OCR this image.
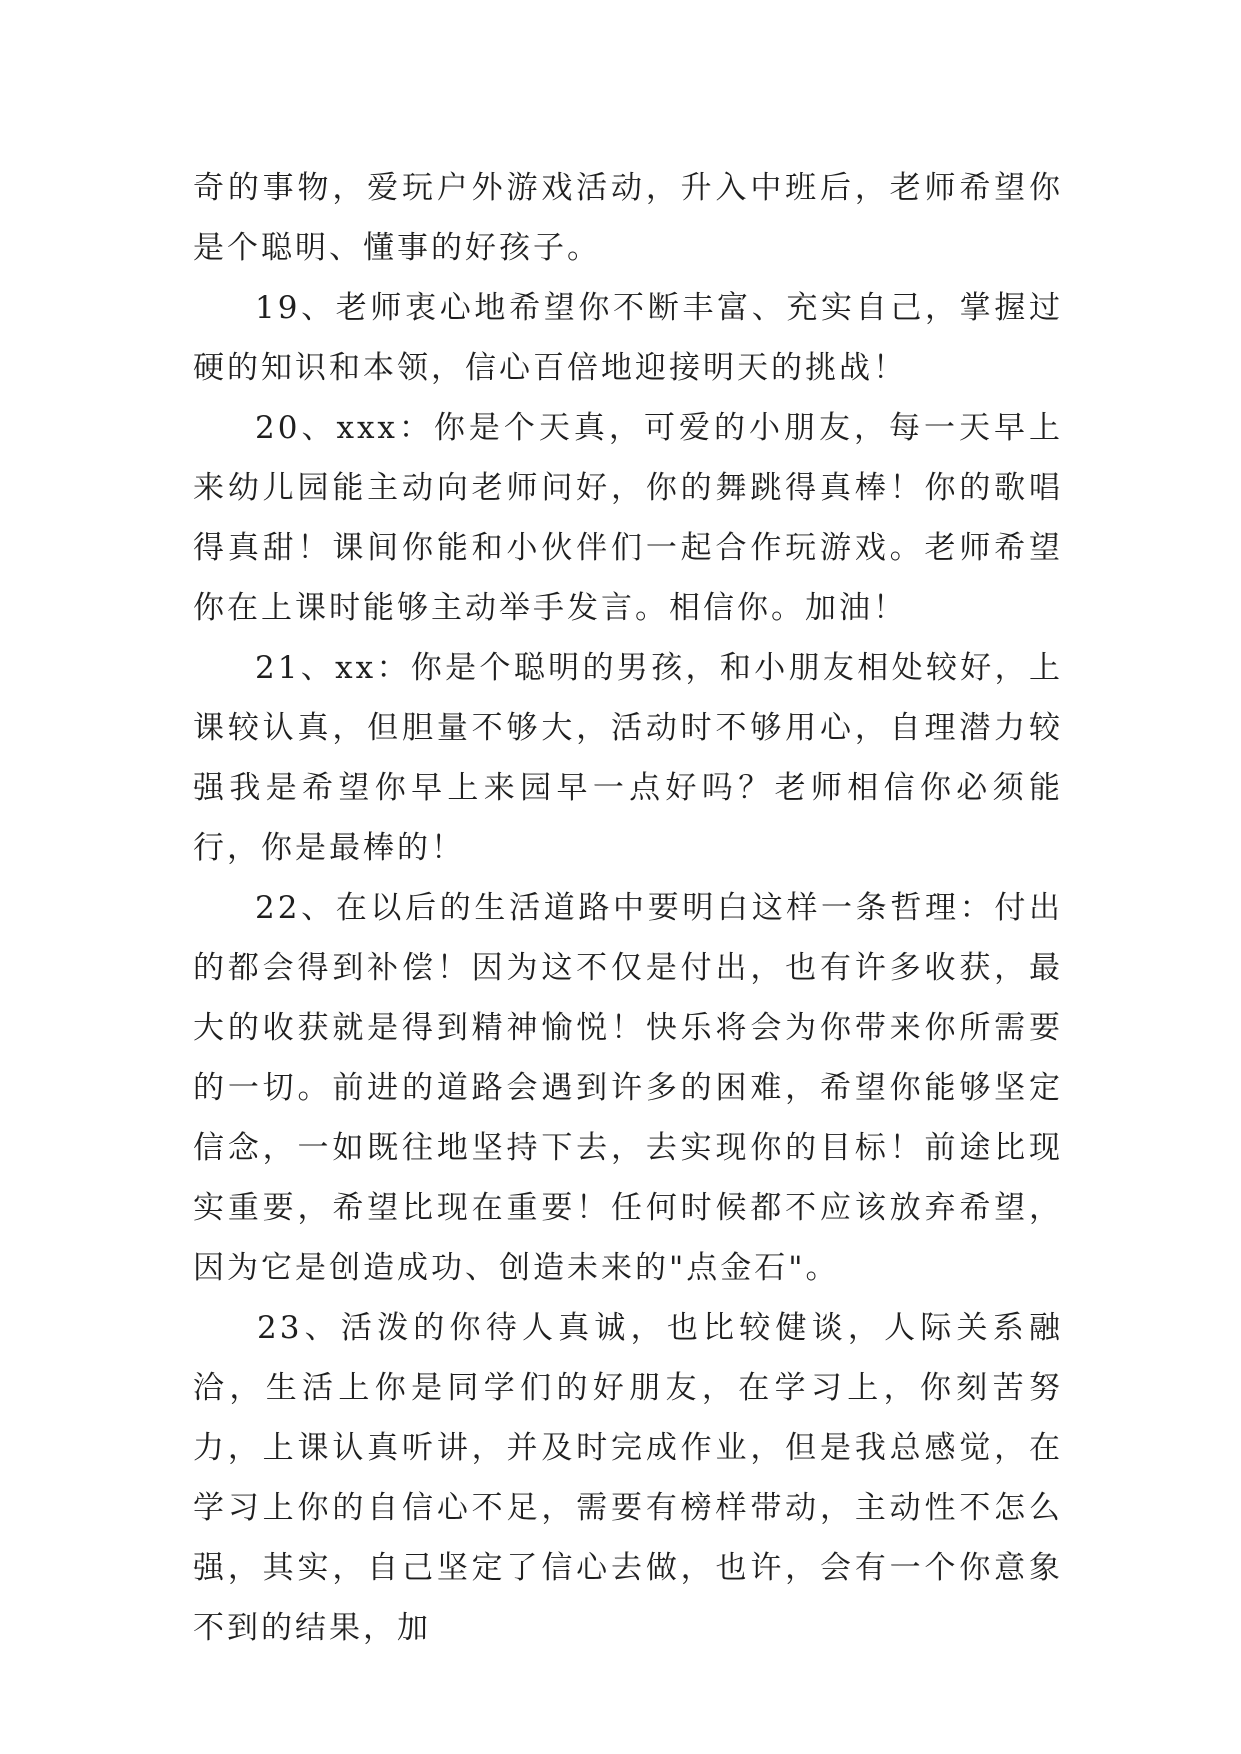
奇的事物，爱玩户外游戏活动，升入中班后，老师希望你是个聪明、懂事的好孩子。

19、老师衷心地希望你不断丰富、充实自己，掌握过硬的知识和本领，信心百倍地迎接明天的挑战！

20、xxx：你是个天真，可爱的小朋友，每一天早上来幼儿园能主动向老师问好，你的舞跳得真棒！你的歌唱得真甜！课间你能和小伙伴们一起合作玩游戏。老师希望你在上课时能够主动举手发言。相信你。加油！

21、xx：你是个聪明的男孩，和小朋友相处较好，上课较认真，但胆量不够大，活动时不够用心，自理潜力较强我是希望你早上来园早一点好吗？老师相信你必须能行，你是最棒的！

22、在以后的生活道路中要明白这样一条哲理：付出的都会得到补偿！因为这不仅是付出，也有许多收获，最大的收获就是得到精神愉悦！快乐将会为你带来你所需要的一切。前进的道路会遇到许多的困难，希望你能够坚定信念，一如既往地坚持下去，去实现你的目标！前途比现实重要，希望比现在重要！任何时候都不应该放弃希望，因为它是创造成功、创造未来的"点金石"。

23、活泼的你待人真诚，也比较健谈，人际关系融洽，生活上你是同学们的好朋友，在学习上，你刻苦努力，上课认真听讲，并及时完成作业，但是我总感觉，在学习上你的自信心不足，需要有榜样带动，主动性不怎么强，其实，自己坚定了信心去做，也许，会有一个你意象不到的结果，加
